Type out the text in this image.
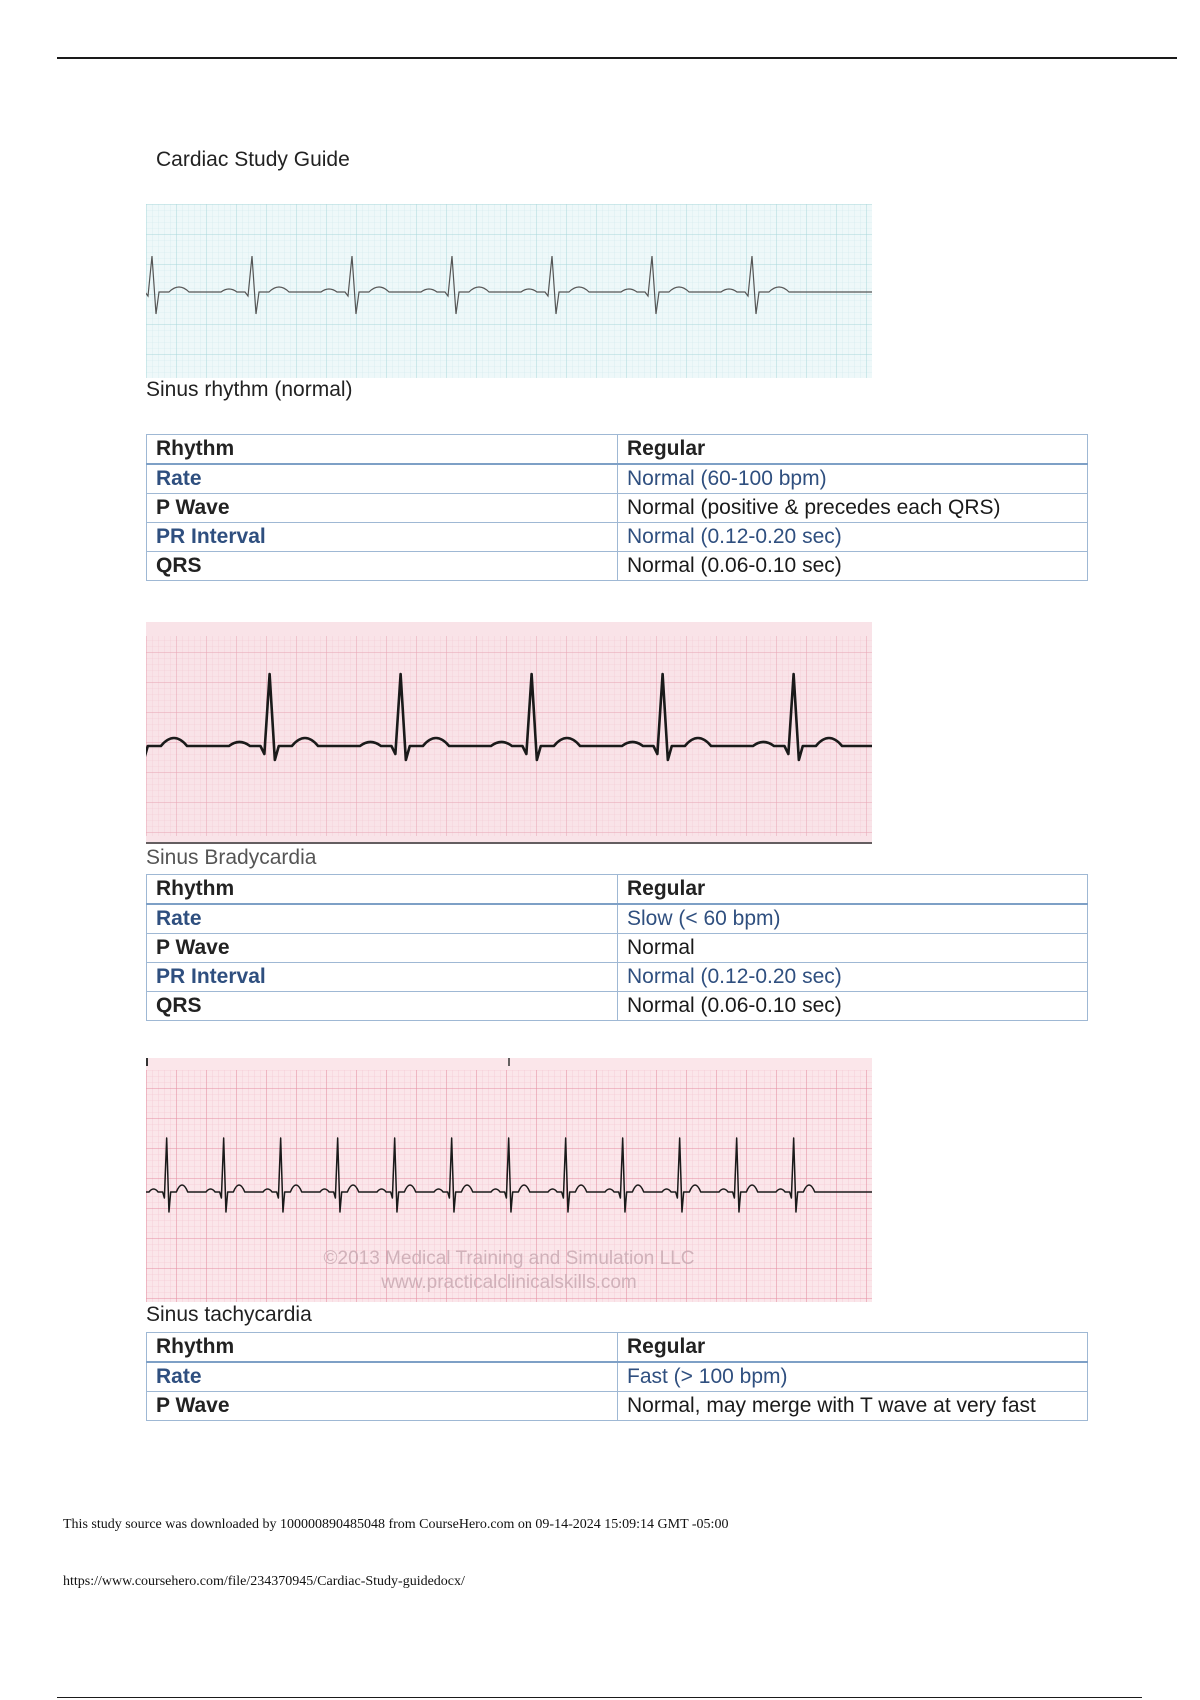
Cardiac Study Guide
Sinus rhythm (normal)
Rhythm	Regular
Rate	Normal (60-100 bpm)
P Wave	Normal (positive & precedes each QRS)
PR Interval	Normal (0.12-0.20 sec)
QRS	Normal (0.06-0.10 sec)
Sinus Bradycardia
Rhythm	Regular
Rate	Slow (< 60 bpm)
P Wave	Normal
PR Interval	Normal (0.12-0.20 sec)
QRS	Normal (0.06-0.10 sec)
©2013 Medical Training and Simulation LLC
www.practicalclinicalskills.com
Sinus tachycardia
Rhythm	Regular
Rate	Fast (> 100 bpm)
P Wave	Normal, may merge with T wave at very fast
This study source was downloaded by 100000890485048 from CourseHero.com on 09-14-2024 15:09:14 GMT -05:00
https://www.coursehero.com/file/234370945/Cardiac-Study-guidedocx/
